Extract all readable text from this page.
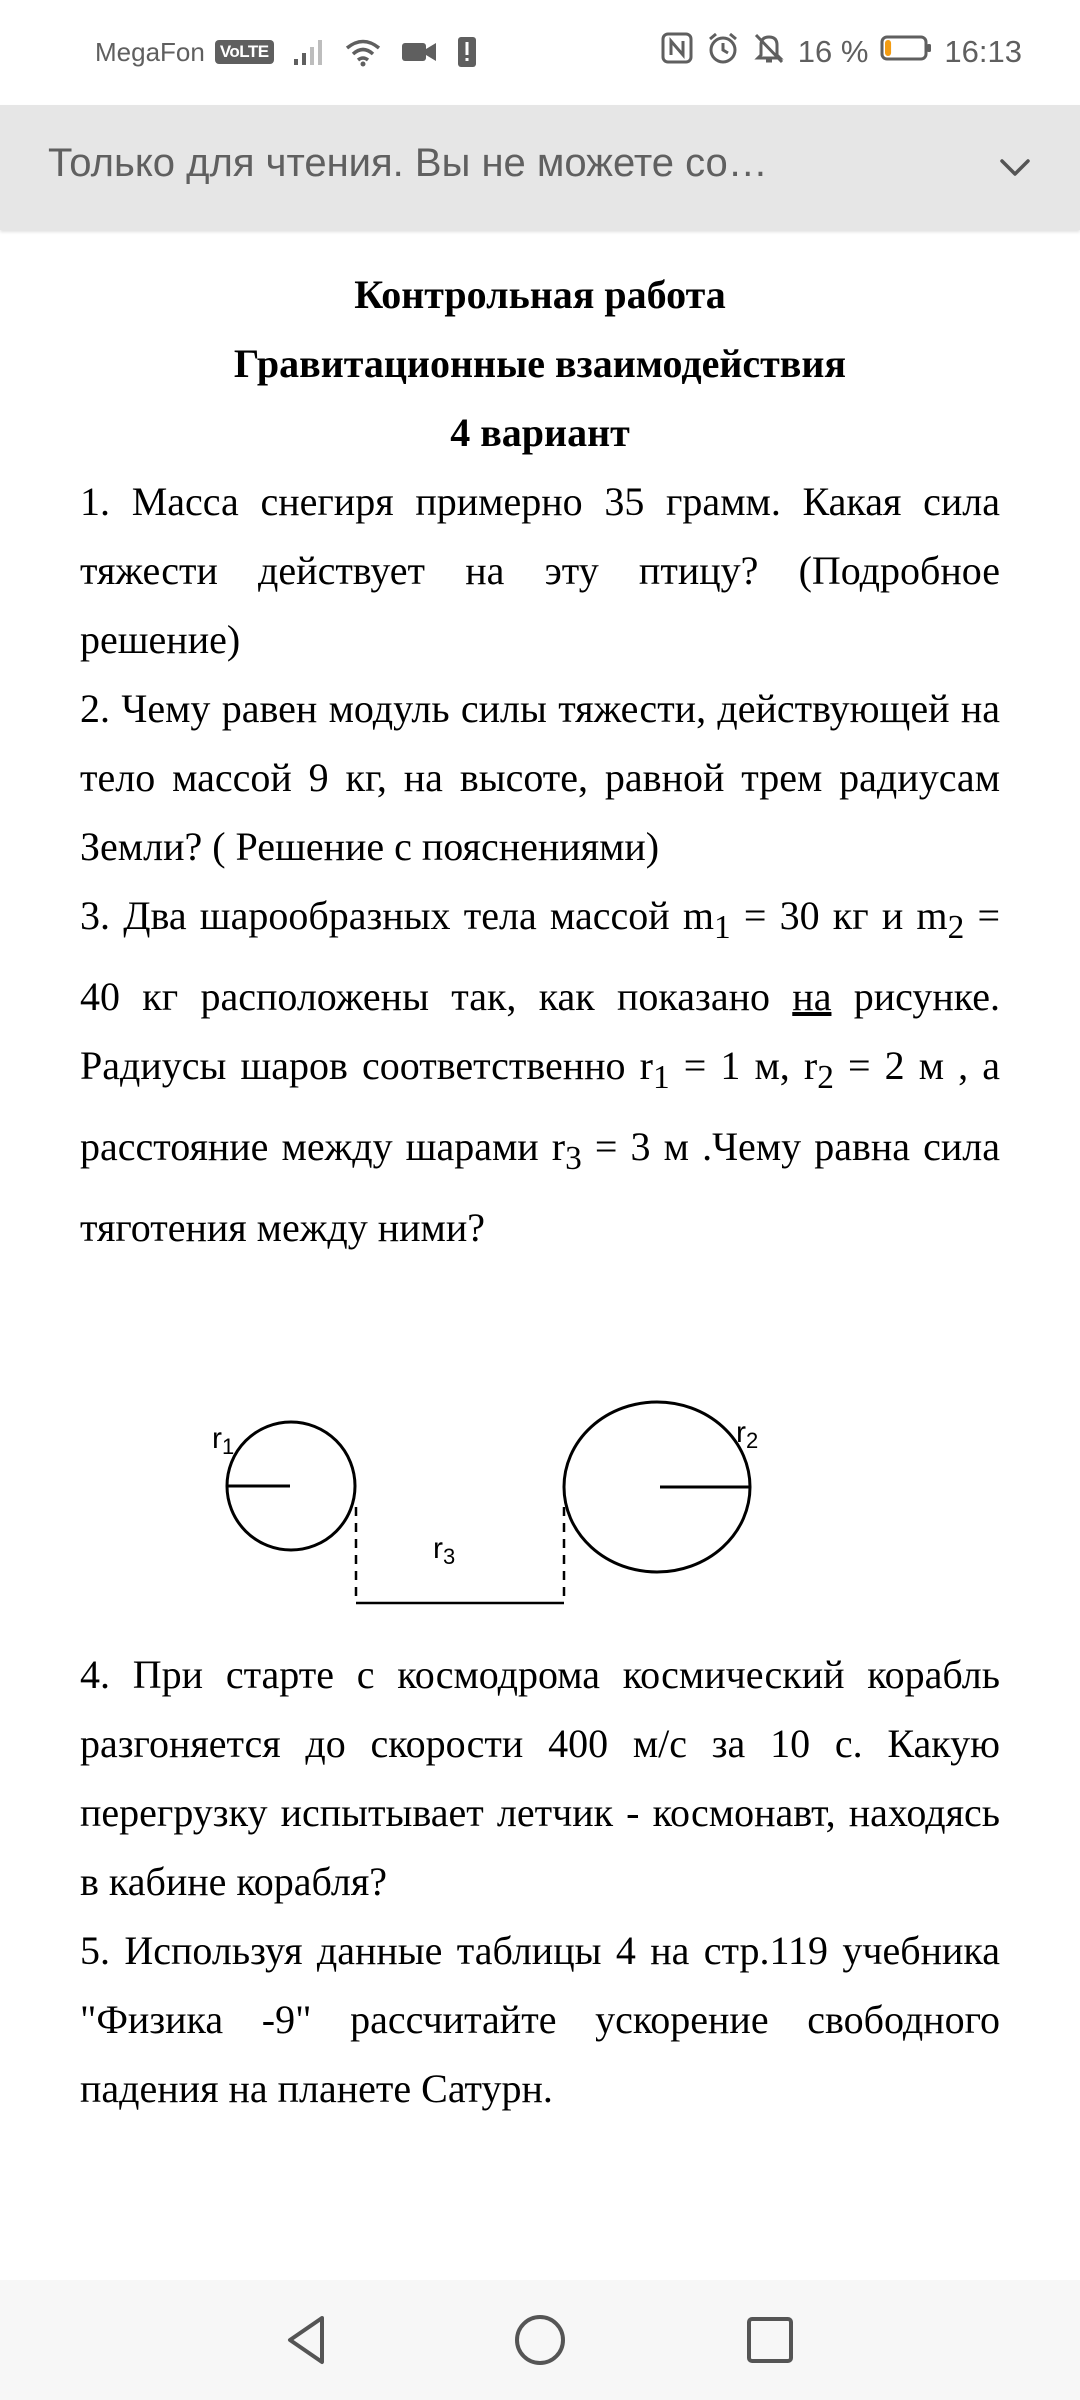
MegaFon VoLTE	16 % 16:13
Только для чтения. Вы не можете со…
Контрольная работа
Гравитационные взаимодействия
4 вариант

1. Масса снегиря примерно 35 грамм. Какая сила тяжести действует на эту птицу? (Подробное решение)

2. Чему равен модуль силы тяжести, действующей на тело массой 9 кг, на высоте, равной трем радиусам Земли? ( Решение с пояснениями)

3. Два шарообразных тела массой $m_1 = 30$ кг и $m_2 = 40$ кг расположены так, как показано на рисунке. Радиусы шаров соответственно $r_1 = 1$ м, $r_2 = 2$ м , а расстояние между шарами $r_3 = 3$ м .Чему равна сила тяготения между ними?

$r_1$	$r_2$
$r_3$

4. При старте с космодрома космический корабль разгоняется до скорости 400 м/с за 10 с. Какую перегрузку испытывает летчик - космонавт, находясь в кабине корабля?

5. Используя данные таблицы 4 на стр.119 учебника "Физика -9" рассчитайте ускорение свободного падения на планете Сатурн.
